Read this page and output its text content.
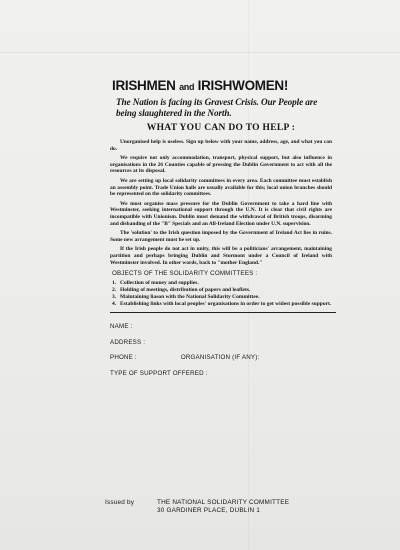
IRISHMEN and IRISHWOMEN!
The Nation is facing its Gravest Crisis. Our People are being slaughtered in the North.
WHAT YOU CAN DO TO HELP :

Unorganised help is useless. Sign up below with your name, address, age, and what you can do.

We require not only accommodation, transport, physical support, but also influence in organisations in the 26 Counties capable of pressing the Dublin Government to act with all the resources at its disposal.

We are setting up local solidarity committees in every area. Each committee must establish an assembly point. Trade Union halls are usually available for this; local union branches should be represented on the solidarity committees.

We must organise mass pressure for the Dublin Government to take a hard line with Westminster, seeking international support through the U.N. It is clear that civil rights are incompatible with Unionism. Dublin must demand the withdrawal of British troops, disarming and disbanding of the "B" Specials and an All-Ireland Election under U.N. supervision.

The 'solution' to the Irish question imposed by the Government of Ireland Act lies in ruins. Some new arrangement must be set up.

If the Irish people do not act in unity, this will be a politicians' arrangement, maintaining partition and perhaps bringing Dublin and Stormont under a Council of Ireland with Westminster involved. In other words, back to "mother England."

OBJECTS OF THE SOLIDARITY COMMITTEES :
1. Collection of money and supplies.
2. Holding of meetings, distribution of papers and leaflets.
3. Maintaining liason with the National Solidarity Committee.
4. Establishing links with local peoples' organisations in order to get widest possible support.
NAME :
ADDRESS :
PHONE :	ORGANISATION (IF ANY):
TYPE OF SUPPORT OFFERED :
Issued by	THE NATIONAL SOLIDARITY COMMITTEE
30 GARDINER PLACE, DUBLIN 1
